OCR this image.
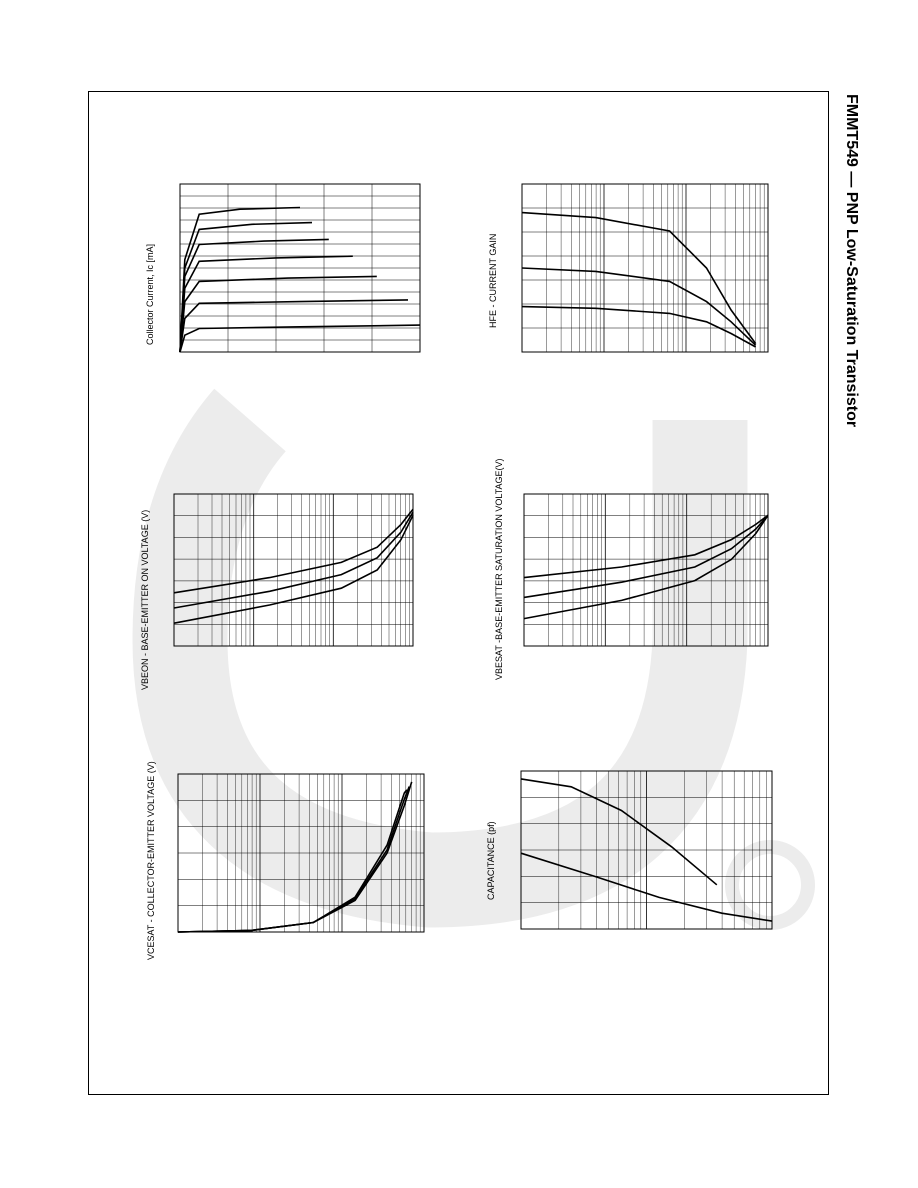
FMMT549 — PNP Low-Saturation Transistor
Collector Current, Ic [mA]
VBEON - BASE-EMITTER ON VOLTAGE (V)
VCESAT - COLLECTOR-EMITTER VOLTAGE (V)
HFE - CURRENT GAIN
VBESAT -BASE-EMITTER SATURATION VOLTAGE(V)
CAPACITANCE (pf)
